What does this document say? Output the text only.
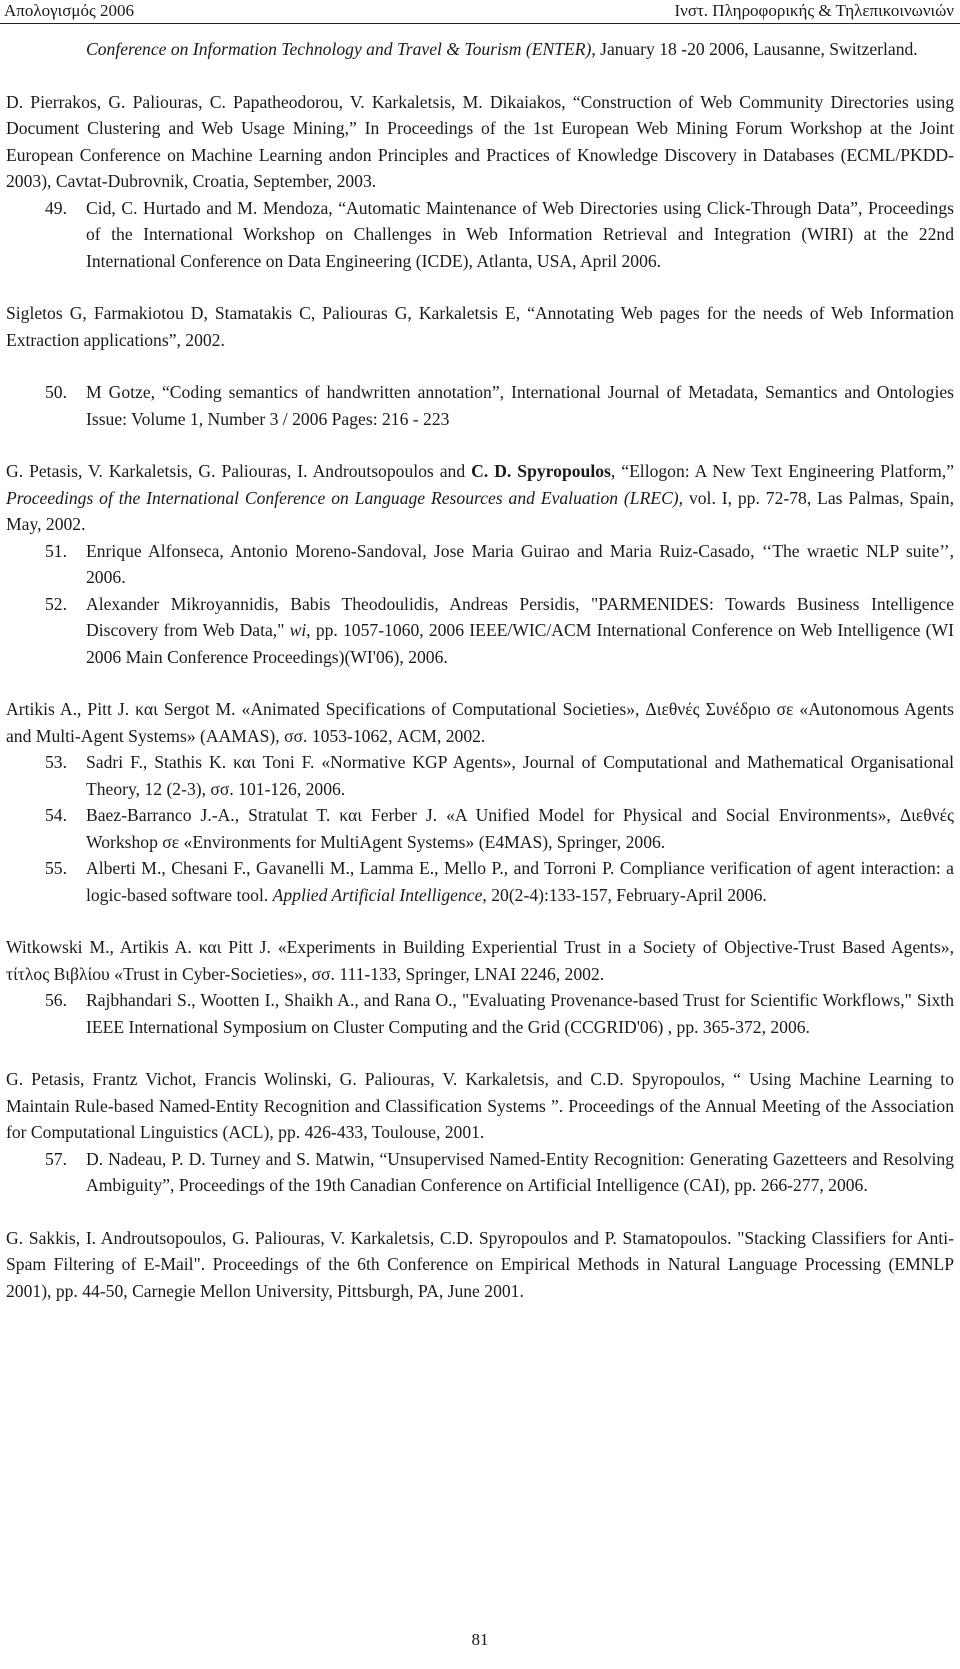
Απολογισμός 2006	Ινστ. Πληροφορικής & Τηλεπικοινωνιών

Conference on Information Technology and Travel & Tourism (ENTER), January 18 -20 2006, Lausanne, Switzerland.

D. Pierrakos, G. Paliouras, C. Papatheodorou, V. Karkaletsis, M. Dikaiakos, “Construction of Web Community Directories using Document Clustering and Web Usage Mining,” In Proceedings of the 1st European Web Mining Forum Workshop at the Joint European Conference on Machine Learning andon Principles and Practices of Knowledge Discovery in Databases (ECML/PKDD-2003), Cavtat-Dubrovnik, Croatia, September, 2003.

49. Cid, C. Hurtado and M. Mendoza, “Automatic Maintenance of Web Directories using Click-Through Data”, Proceedings of the International Workshop on Challenges in Web Information Retrieval and Integration (WIRI) at the 22nd International Conference on Data Engineering (ICDE), Atlanta, USA, April 2006.

Sigletos G, Farmakiotou D, Stamatakis C, Paliouras G, Karkaletsis E, “Annotating Web pages for the needs of Web Information Extraction applications”, 2002.

50. M Gotze, “Coding semantics of handwritten annotation”, International Journal of Metadata, Semantics and Ontologies Issue: Volume 1, Number 3 / 2006 Pages: 216 - 223

G. Petasis, V. Karkaletsis, G. Paliouras, I. Androutsopoulos and C. D. Spyropoulos, “Ellogon: A New Text Engineering Platform,” Proceedings of the International Conference on Language Resources and Evaluation (LREC), vol. I, pp. 72-78, Las Palmas, Spain, May, 2002.

51. Enrique Alfonseca, Antonio Moreno-Sandoval, Jose Maria Guirao and Maria Ruiz-Casado, ‘‘The wraetic NLP suite’’, 2006.

52. Alexander Mikroyannidis, Babis Theodoulidis, Andreas Persidis, "PARMENIDES: Towards Business Intelligence Discovery from Web Data," wi, pp. 1057-1060, 2006 IEEE/WIC/ACM International Conference on Web Intelligence (WI 2006 Main Conference Proceedings)(WI'06), 2006.

Artikis A., Pitt J. και Sergot M. «Animated Specifications of Computational Societies», Διεθνές Συνέδριο σε «Autonomous Agents and Multi-Agent Systems» (AAMAS), σσ. 1053-1062, ACM, 2002.

53. Sadri F., Stathis K. και Toni F. «Normative KGP Agents», Journal of Computational and Mathematical Organisational Theory, 12 (2-3), σσ. 101-126, 2006.

54. Baez-Barranco J.-A., Stratulat T. και Ferber J. «A Unified Model for Physical and Social Environments», Διεθνές Workshop σε «Environments for MultiAgent Systems» (E4MAS), Springer, 2006.

55. Alberti M., Chesani F., Gavanelli M., Lamma E., Mello P., and Torroni P. Compliance verification of agent interaction: a logic-based software tool. Applied Artificial Intelligence, 20(2-4):133-157, February-April 2006.

Witkowski M., Artikis A. και Pitt J. «Experiments in Building Experiential Trust in a Society of Objective-Trust Based Agents», τίτλος Βιβλίου «Trust in Cyber-Societies», σσ. 111-133, Springer, LNAI 2246, 2002.

56. Rajbhandari S., Wootten I., Shaikh A., and Rana O., "Evaluating Provenance-based Trust for Scientific Workflows," Sixth IEEE International Symposium on Cluster Computing and the Grid (CCGRID'06) , pp. 365-372, 2006.

G. Petasis, Frantz Vichot, Francis Wolinski, G. Paliouras, V. Karkaletsis, and C.D. Spyropoulos, “ Using Machine Learning to Maintain Rule-based Named-Entity Recognition and Classification Systems ”. Proceedings of the Annual Meeting of the Association for Computational Linguistics (ACL), pp. 426-433, Toulouse, 2001.

57. D. Nadeau, P. D. Turney and S. Matwin, “Unsupervised Named-Entity Recognition: Generating Gazetteers and Resolving Ambiguity”, Proceedings of the 19th Canadian Conference on Artificial Intelligence (CAI), pp. 266-277, 2006.

G. Sakkis, I. Androutsopoulos, G. Paliouras, V. Karkaletsis, C.D. Spyropoulos and P. Stamatopoulos. "Stacking Classifiers for Anti-Spam Filtering of E-Mail". Proceedings of the 6th Conference on Empirical Methods in Natural Language Processing (EMNLP 2001), pp. 44-50, Carnegie Mellon University, Pittsburgh, PA, June 2001.

81
